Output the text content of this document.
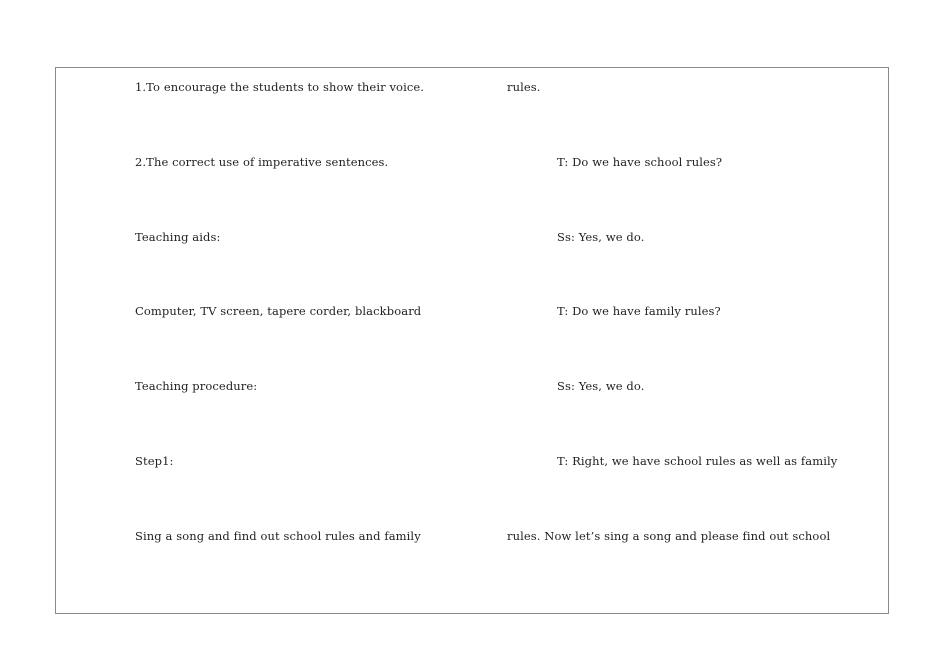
1.To encourage the students to show their voice.
2.The correct use of imperative sentences.
Teaching aids:
Computer, TV screen, tapere corder, blackboard
Teaching procedure:
Step1:
Sing a song and find out school rules and family
rules.
T: Do we have school rules?
Ss: Yes, we do.
T: Do we have family rules?
Ss: Yes, we do.
T: Right, we have school rules as well as family
rules. Now let’s sing a song and please find out school
